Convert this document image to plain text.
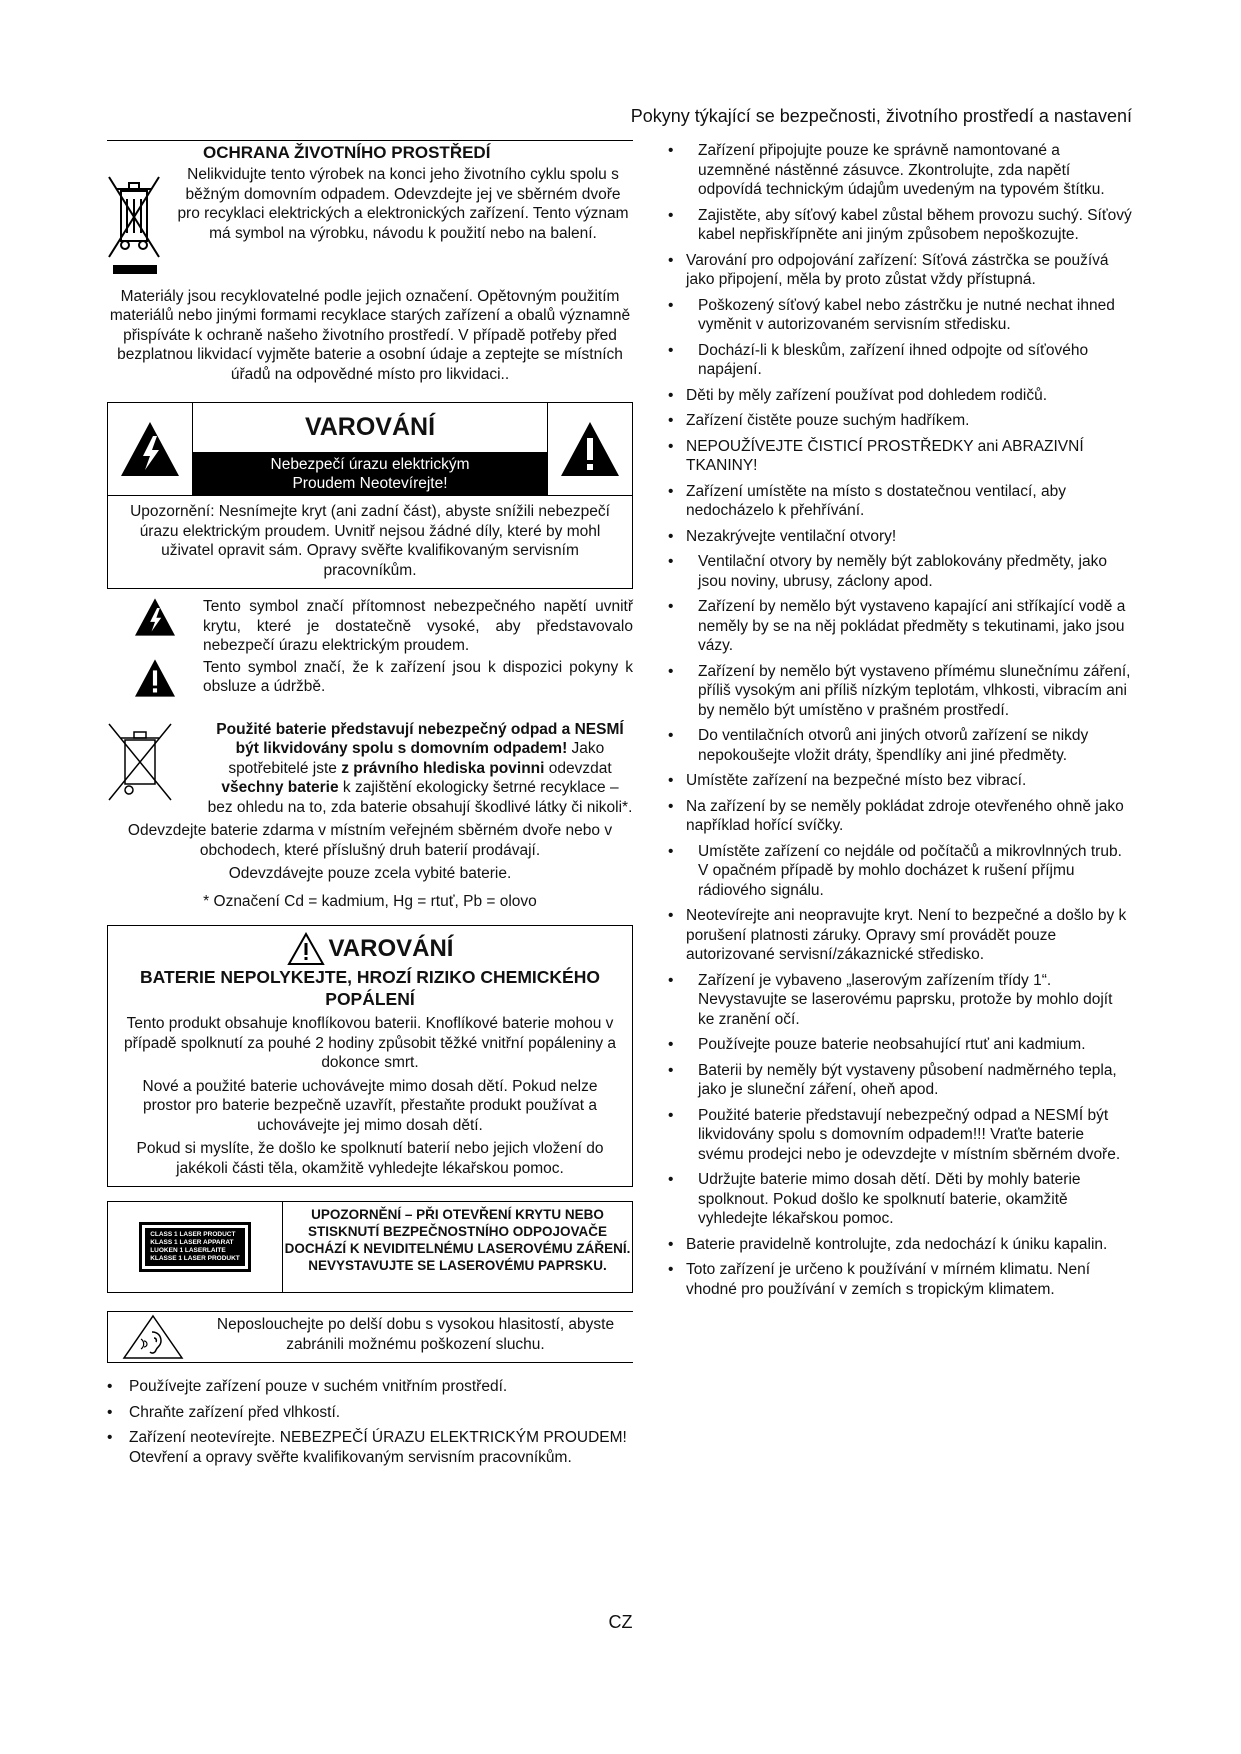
Pokyny týkající se bezpečnosti, životního prostředí a nastavení
OCHRANA ŽIVOTNÍHO PROSTŘEDÍ
Nelikvidujte tento výrobek na konci jeho životního cyklu spolu s běžným domovním odpadem. Odevzdejte jej ve sběrném dvoře pro recyklaci elektrických a elektronických zařízení. Tento význam má symbol na výrobku, návodu k použití nebo na balení.
Materiály jsou recyklovatelné podle jejich označení. Opětovným použitím materiálů nebo jinými formami recyklace starých zařízení a obalů významně přispíváte k ochraně našeho životního prostředí. V případě potřeby před bezplatnou likvidací vyjměte baterie a osobní údaje a zeptejte se místních úřadů na odpovědné místo pro likvidaci..
VAROVÁNÍ
Nebezpečí úrazu elektrickým
Proudem Neotevírejte!
Upozornění: Nesnímejte kryt (ani zadní část), abyste snížili nebezpečí úrazu elektrickým proudem. Uvnitř nejsou žádné díly, které by mohl uživatel opravit sám. Opravy svěřte kvalifikovaným servisním pracovníkům.
Tento symbol značí přítomnost nebezpečného napětí uvnitř krytu, které je dostatečně vysoké, aby představovalo nebezpečí úrazu elektrickým proudem.
Tento symbol značí, že k zařízení jsou k dispozici pokyny k obsluze a údržbě.
Použité baterie představují nebezpečný odpad a NESMÍ být likvidovány spolu s domovním odpadem! Jako spotřebitelé jste z právního hlediska povinni odevzdat všechny baterie k zajištění ekologicky šetrné recyklace – bez ohledu na to, zda baterie obsahují škodlivé látky či nikoli*.
Odevzdejte baterie zdarma v místním veřejném sběrném dvoře nebo v obchodech, které příslušný druh baterií prodávají.
Odevzdávejte pouze zcela vybité baterie.
* Označení Cd = kadmium, Hg = rtuť, Pb = olovo
VAROVÁNÍ
BATERIE NEPOLYKEJTE, HROZÍ RIZIKO CHEMICKÉHO POPÁLENÍ
Tento produkt obsahuje knoflíkovou baterii. Knoflíkové baterie mohou v případě spolknutí za pouhé 2 hodiny způsobit těžké vnitřní popáleniny a dokonce smrt.
Nové a použité baterie uchovávejte mimo dosah dětí. Pokud nelze prostor pro baterie bezpečně uzavřít, přestaňte produkt používat a uchovávejte jej mimo dosah dětí.
Pokud si myslíte, že došlo ke spolknutí baterií nebo jejich vložení do jakékoli části těla, okamžitě vyhledejte lékařskou pomoc.
CLASS 1 LASER PRODUCT
KLASS 1 LASER APPARAT
LUOKEN 1 LASERLAITE
KLASSE 1 LASER PRODUKT
UPOZORNĚNÍ – PŘI OTEVŘENÍ KRYTU NEBO STISKNUTÍ BEZPEČNOSTNÍHO ODPOJOVAČE DOCHÁZÍ K NEVIDITELNÉMU LASEROVÉMU ZÁŘENÍ. NEVYSTAVUJTE SE LASEROVÉMU PAPRSKU.
Neposlouchejte po delší dobu s vysokou hlasitostí, abyste zabránili možnému poškození sluchu.
• Používejte zařízení pouze v suchém vnitřním prostředí.
• Chraňte zařízení před vlhkostí.
• Zařízení neotevírejte. NEBEZPEČÍ ÚRAZU ELEKTRICKÝM PROUDEM! Otevření a opravy svěřte kvalifikovaným servisním pracovníkům.
• Zařízení připojujte pouze ke správně namontované a uzemněné nástěnné zásuvce. Zkontrolujte, zda napětí odpovídá technickým údajům uvedeným na typovém štítku.
• Zajistěte, aby síťový kabel zůstal během provozu suchý. Síťový kabel nepřiskřípněte ani jiným způsobem nepoškozujte.
• Varování pro odpojování zařízení: Síťová zástrčka se používá jako připojení, měla by proto zůstat vždy přístupná.
• Poškozený síťový kabel nebo zástrčku je nutné nechat ihned vyměnit v autorizovaném servisním středisku.
• Dochází-li k bleskům, zařízení ihned odpojte od síťového napájení.
• Děti by měly zařízení používat pod dohledem rodičů.
• Zařízení čistěte pouze suchým hadříkem.
• NEPOUŽÍVEJTE ČISTICÍ PROSTŘEDKY ani ABRAZIVNÍ TKANINY!
• Zařízení umístěte na místo s dostatečnou ventilací, aby nedocházelo k přehřívání.
• Nezakrývejte ventilační otvory!
• Ventilační otvory by neměly být zablokovány předměty, jako jsou noviny, ubrusy, záclony apod.
• Zařízení by nemělo být vystaveno kapající ani stříkající vodě a neměly by se na něj pokládat předměty s tekutinami, jako jsou vázy.
• Zařízení by nemělo být vystaveno přímému slunečnímu záření, příliš vysokým ani příliš nízkým teplotám, vlhkosti, vibracím ani by nemělo být umístěno v prašném prostředí.
• Do ventilačních otvorů ani jiných otvorů zařízení se nikdy nepokoušejte vložit dráty, špendlíky ani jiné předměty.
• Umístěte zařízení na bezpečné místo bez vibrací.
• Na zařízení by se neměly pokládat zdroje otevřeného ohně jako například hořící svíčky.
• Umístěte zařízení co nejdále od počítačů a mikrovlnných trub. V opačném případě by mohlo docházet k rušení příjmu rádiového signálu.
• Neotevírejte ani neopravujte kryt. Není to bezpečné a došlo by k porušení platnosti záruky. Opravy smí provádět pouze autorizované servisní/zákaznické středisko.
• Zařízení je vybaveno „laserovým zařízením třídy 1“. Nevystavujte se laserovému paprsku, protože by mohlo dojít ke zranění očí.
• Používejte pouze baterie neobsahující rtuť ani kadmium.
• Baterii by neměly být vystaveny působení nadměrného tepla, jako je sluneční záření, oheň apod.
• Použité baterie představují nebezpečný odpad a NESMÍ být likvidovány spolu s domovním odpadem!!! Vraťte baterie svému prodejci nebo je odevzdejte v místním sběrném dvoře.
• Udržujte baterie mimo dosah dětí. Děti by mohly baterie spolknout. Pokud došlo ke spolknutí baterie, okamžitě vyhledejte lékařskou pomoc.
• Baterie pravidelně kontrolujte, zda nedochází k úniku kapalin.
• Toto zařízení je určeno k používání v mírném klimatu. Není vhodné pro používání v zemích s tropickým klimatem.
CZ
